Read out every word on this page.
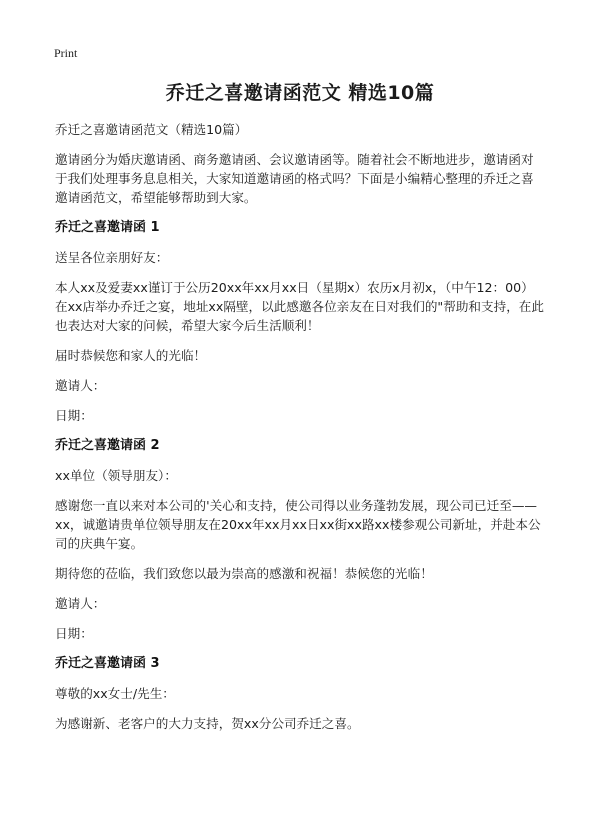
Print
乔迁之喜邀请函范文 精选10篇

乔迁之喜邀请函范文（精选10篇）

邀请函分为婚庆邀请函、商务邀请函、会议邀请函等。随着社会不断地进步，邀请函对于我们处理事务息息相关，大家知道邀请函的格式吗？下面是小编精心整理的乔迁之喜邀请函范文，希望能够帮助到大家。

乔迁之喜邀请函 1

送呈各位亲朋好友：

本人xx及爱妻xx谨订于公历20xx年xx月xx日（星期x）农历x月初x，（中午12：00）在xx店举办乔迁之宴，地址xx隔壁，以此感邀各位亲友在日对我们的"帮助和支持，在此也表达对大家的问候，希望大家今后生活顺利！

届时恭候您和家人的光临！

邀请人：

日期：

乔迁之喜邀请函 2

xx单位（领导朋友）：

感谢您一直以来对本公司的'关心和支持，使公司得以业务蓬勃发展，现公司已迁至——xx，诚邀请贵单位领导朋友在20xx年xx月xx日xx街xx路xx楼参观公司新址，并赴本公司的庆典午宴。

期待您的莅临，我们致您以最为崇高的感激和祝福！恭候您的光临！

邀请人：

日期：

乔迁之喜邀请函 3

尊敬的xx女士/先生：

为感谢新、老客户的大力支持，贺xx分公司乔迁之喜。
